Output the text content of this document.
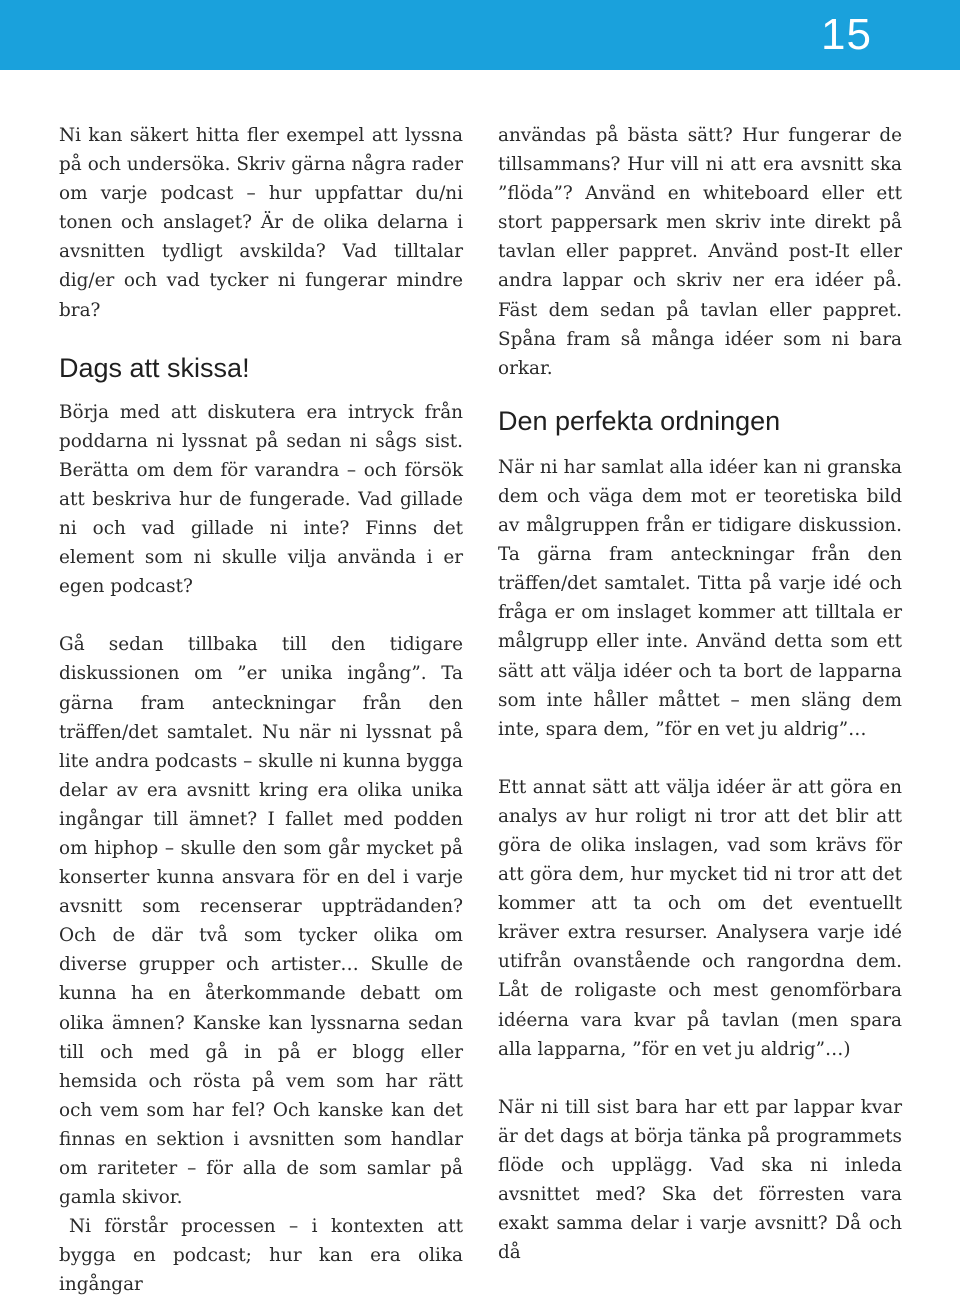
15

Ni kan säkert hitta fler exempel att lyssna på och undersöka. Skriv gärna några rader om varje podcast – hur uppfattar du/ni tonen och anslaget? Är de olika delarna i avsnitten tydligt avskilda? Vad tilltalar dig/er och vad tycker ni fungerar mindre bra?

Dags att skissa!

Börja med att diskutera era intryck från poddarna ni lyssnat på sedan ni sågs sist. Berätta om dem för varandra – och försök att beskriva hur de fungerade. Vad gillade ni och vad gillade ni inte? Finns det element som ni skulle vilja använda i er egen podcast?

Gå sedan tillbaka till den tidigare diskussionen om ”er unika ingång”. Ta gärna fram anteckningar från den träffen/det samtalet. Nu när ni lyssnat på lite andra podcasts – skulle ni kunna bygga delar av era avsnitt kring era olika unika ingångar till ämnet? I fallet med podden om hiphop – skulle den som går mycket på konserter kunna ansvara för en del i varje avsnitt som recenserar uppträdanden? Och de där två som tycker olika om diverse grupper och artister… Skulle de kunna ha en återkommande debatt om olika ämnen? Kanske kan lyssnarna sedan till och med gå in på er blogg eller hemsida och rösta på vem som har rätt och vem som har fel? Och kanske kan det finnas en sektion i avsnitten som handlar om rariteter – för alla de som samlar på gamla skivor.

Ni förstår processen – i kontexten att bygga en podcast; hur kan era olika ingångar

användas på bästa sätt? Hur fungerar de tillsammans? Hur vill ni att era avsnitt ska ”flöda”? Använd en whiteboard eller ett stort pappersark men skriv inte direkt på tavlan eller pappret. Använd post-It eller andra lappar och skriv ner era idéer på. Fäst dem sedan på tavlan eller pappret. Spåna fram så många idéer som ni bara orkar.

Den perfekta ordningen

När ni har samlat alla idéer kan ni granska dem och väga dem mot er teoretiska bild av målgruppen från er tidigare diskussion. Ta gärna fram anteckningar från den träffen/det samtalet. Titta på varje idé och fråga er om inslaget kommer att tilltala er målgrupp eller inte. Använd detta som ett sätt att välja idéer och ta bort de lapparna som inte håller måttet – men släng dem inte, spara dem, ”för en vet ju aldrig”…

Ett annat sätt att välja idéer är att göra en analys av hur roligt ni tror att det blir att göra de olika inslagen, vad som krävs för att göra dem, hur mycket tid ni tror att det kommer att ta och om det eventuellt kräver extra resurser. Analysera varje idé utifrån ovanstående och rangordna dem. Låt de roligaste och mest genomförbara idéerna vara kvar på tavlan (men spara alla lapparna, ”för en vet ju aldrig”…)

När ni till sist bara har ett par lappar kvar är det dags at börja tänka på programmets flöde och upplägg. Vad ska ni inleda avsnittet med? Ska det förresten vara exakt samma delar i varje avsnitt? Då och då
